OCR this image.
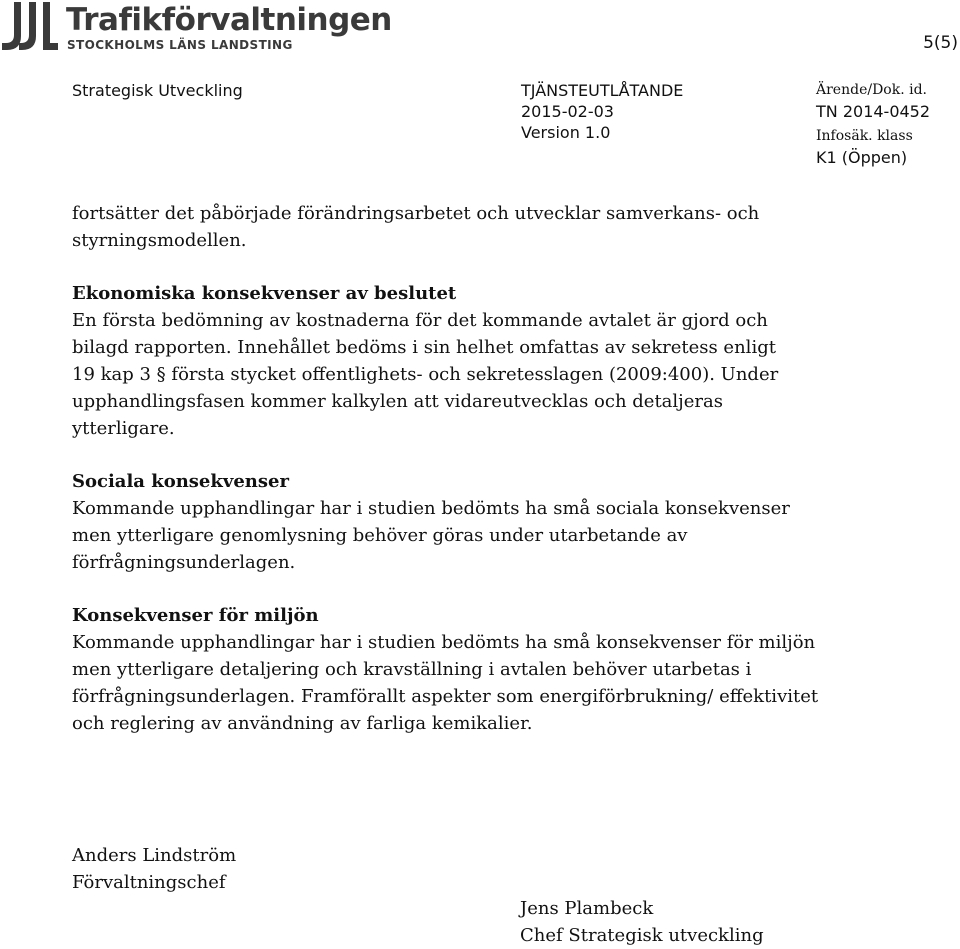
Trafikförvaltningen
STOCKHOLMS LÄNS LANDSTING	5(5)
Strategisk Utveckling	TJÄNSTEUTLÅTANDE
2015-02-03
Version 1.0
Ärende/Dok. id.
TN 2014-0452
Infosäk. klass
K1 (Öppen)

fortsätter det påbörjade förändringsarbetet och utvecklar samverkans- och styrningsmodellen.

Ekonomiska konsekvenser av beslutet

En första bedömning av kostnaderna för det kommande avtalet är gjord och bilagd rapporten. Innehållet bedöms i sin helhet omfattas av sekretess enligt 19 kap 3 § första stycket offentlighets- och sekretesslagen (2009:400). Under upphandlingsfasen kommer kalkylen att vidareutvecklas och detaljeras ytterligare.

Sociala konsekvenser

Kommande upphandlingar har i studien bedömts ha små sociala konsekvenser men ytterligare genomlysning behöver göras under utarbetande av förfrågningsunderlagen.

Konsekvenser för miljön

Kommande upphandlingar har i studien bedömts ha små konsekvenser för miljön men ytterligare detaljering och kravställning i avtalen behöver utarbetas i förfrågningsunderlagen. Framförallt aspekter som energiförbrukning/ effektivitet och reglering av användning av farliga kemikalier.

Anders Lindström
Förvaltningschef
Jens Plambeck
Chef Strategisk utveckling
